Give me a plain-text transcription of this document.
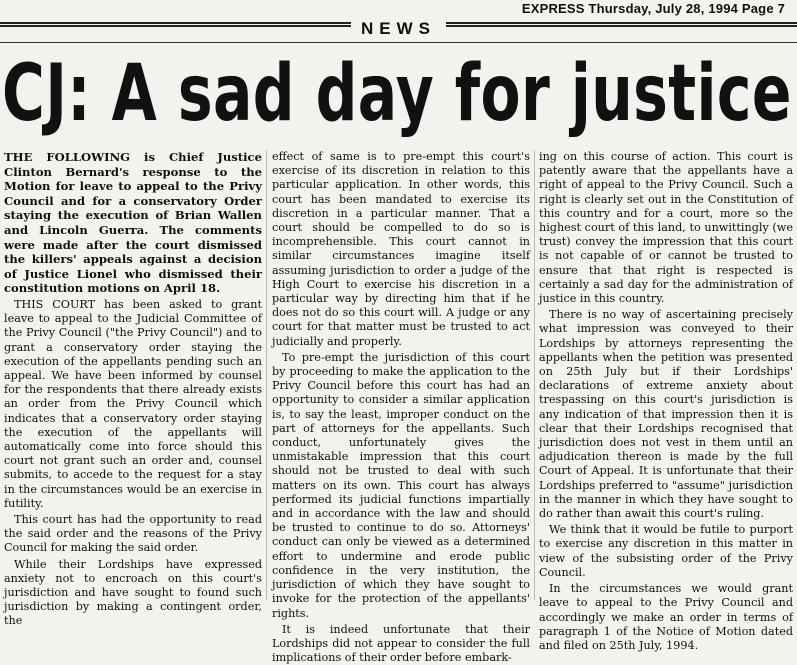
EXPRESS Thursday, July 28, 1994 Page 7
NEWS
CJ: A sad day for justice

THE FOLLOWING is Chief Justice Clinton Bernard's response to the Motion for leave to appeal to the Privy Council and for a conservatory Order staying the execution of Brian Wallen and Lincoln Guerra. The comments were made after the court dismissed the killers' appeals against a decision of Justice Lionel who dismissed their constitution motions on April 18.

THIS COURT has been asked to grant leave to appeal to the Judicial Committee of the Privy Council ("the Privy Council") and to grant a conservatory order staying the execution of the appellants pending such an appeal. We have been informed by counsel for the respondents that there already exists an order from the Privy Council which indicates that a conservatory order staying the execution of the appellants will automatically come into force should this court not grant such an order and, counsel submits, to accede to the request for a stay in the circumstances would be an exercise in futility.

This court has had the opportunity to read the said order and the reasons of the Privy Council for making the said order.

While their Lordships have expressed anxiety not to encroach on this court's jurisdiction and have sought to found such jurisdiction by making a contingent order, the

effect of same is to pre-empt this court's exercise of its discretion in relation to this particular application. In other words, this court has been mandated to exercise its discretion in a particular manner. That a court should be compelled to do so is incomprehensible. This court cannot in similar circumstances imagine itself assuming jurisdiction to order a judge of the High Court to exercise his discretion in a particular way by directing him that if he does not do so this court will. A judge or any court for that matter must be trusted to act judicially and properly.

To pre-empt the jurisdiction of this court by proceeding to make the application to the Privy Council before this court has had an opportunity to consider a similar application is, to say the least, improper conduct on the part of attorneys for the appellants. Such conduct, unfortunately gives the unmistakable impression that this court should not be trusted to deal with such matters on its own. This court has always performed its judicial functions impartially and in accordance with the law and should be trusted to continue to do so. Attorneys' conduct can only be viewed as a determined effort to undermine and erode public confidence in the very institution, the jurisdiction of which they have sought to invoke for the protection of the appellants' rights.

It is indeed unfortunate that their Lordships did not appear to consider the full implications of their order before embark-

ing on this course of action. This court is patently aware that the appellants have a right of appeal to the Privy Council. Such a right is clearly set out in the Constitution of this country and for a court, more so the highest court of this land, to unwittingly (we trust) convey the impression that this court is not capable of or cannot be trusted to ensure that that right is respected is certainly a sad day for the administration of justice in this country.

There is no way of ascertaining precisely what impression was conveyed to their Lordships by attorneys representing the appellants when the petition was presented on 25th July but if their Lordships' declarations of extreme anxiety about trespassing on this court's jurisdiction is any indication of that impression then it is clear that their Lordships recognised that jurisdiction does not vest in them until an adjudication thereon is made by the full Court of Appeal. It is unfortunate that their Lordships preferred to "assume" jurisdiction in the manner in which they have sought to do rather than await this court's ruling.

We think that it would be futile to purport to exercise any discretion in this matter in view of the subsisting order of the Privy Council.

In the circumstances we would grant leave to appeal to the Privy Council and accordingly we make an order in terms of paragraph 1 of the Notice of Motion dated and filed on 25th July, 1994.
